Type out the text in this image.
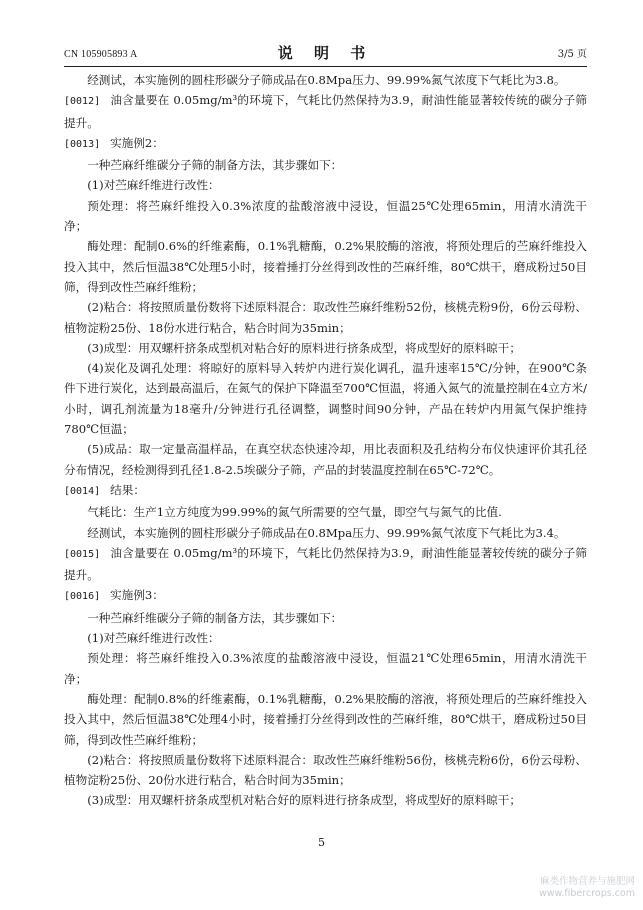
CN 105905893 A	说 明 书	3/5 页

经测试，本实施例的圆柱形碳分子筛成品在0.8Mpa压力、99.99%氮气浓度下气耗比为3.8。

[0012] 油含量要在 0.05mg/m³的环境下，气耗比仍然保持为3.9，耐油性能显著较传统的碳分子筛提升。

[0013] 实施例2：

一种苎麻纤维碳分子筛的制备方法，其步骤如下：

(1)对苎麻纤维进行改性：

预处理：将苎麻纤维投入0.3%浓度的盐酸溶液中浸设，恒温25℃处理65min，用清水清洗干净；

酶处理：配制0.6%的纤维素酶，0.1%乳糖酶，0.2%果胶酶的溶液，将预处理后的苎麻纤维投入投入其中，然后恒温38℃处理5小时，接着捶打分丝得到改性的苎麻纤维，80℃烘干，磨成粉过50目筛，得到改性苎麻纤维粉；

(2)粘合：将按照质量份数将下述原料混合：取改性苎麻纤维粉52份，核桃壳粉9份，6份云母粉、植物淀粉25份、18份水进行粘合，粘合时间为35min；

(3)成型：用双螺杆挤条成型机对粘合好的原料进行挤条成型，将成型好的原料晾干；

(4)炭化及调孔处理：将晾好的原料导入转炉内进行炭化调孔，温升速率15℃/分钟，在900℃条件下进行炭化，达到最高温后，在氮气的保护下降温至700℃恒温，将通入氮气的流量控制在4立方米/小时，调孔剂流量为18毫升/分钟进行孔径调整，调整时间90分钟，产品在转炉内用氮气保护维持780℃恒温；

(5)成品：取一定量高温样品，在真空状态快速冷却，用比表面积及孔结构分布仪快速评价其孔径分布情况，经检测得到孔径1.8-2.5埃碳分子筛，产品的封装温度控制在65℃-72℃。

[0014] 结果：

气耗比：生产1立方纯度为99.99%的氮气所需要的空气量，即空气与氮气的比值.

经测试，本实施例的圆柱形碳分子筛成品在0.8Mpa压力、99.99%氮气浓度下气耗比为3.4。

[0015] 油含量要在 0.05mg/m³的环境下，气耗比仍然保持为3.9，耐油性能显著较传统的碳分子筛提升。

[0016] 实施例3：

一种苎麻纤维碳分子筛的制备方法，其步骤如下：

(1)对苎麻纤维进行改性：

预处理：将苎麻纤维投入0.3%浓度的盐酸溶液中浸设，恒温21℃处理65min，用清水清洗干净；

酶处理：配制0.8%的纤维素酶，0.1%乳糖酶，0.2%果胶酶的溶液，将预处理后的苎麻纤维投入投入其中，然后恒温38℃处理4小时，接着捶打分丝得到改性的苎麻纤维，80℃烘干，磨成粉过50目筛，得到改性苎麻纤维粉；

(2)粘合：将按照质量份数将下述原料混合：取改性苎麻纤维粉56份，核桃壳粉6份，6份云母粉、植物淀粉25份、20份水进行粘合，粘合时间为35min；

(3)成型：用双螺杆挤条成型机对粘合好的原料进行挤条成型，将成型好的原料晾干；

5
麻类作物营养与施肥网
www.fibercrops.com
